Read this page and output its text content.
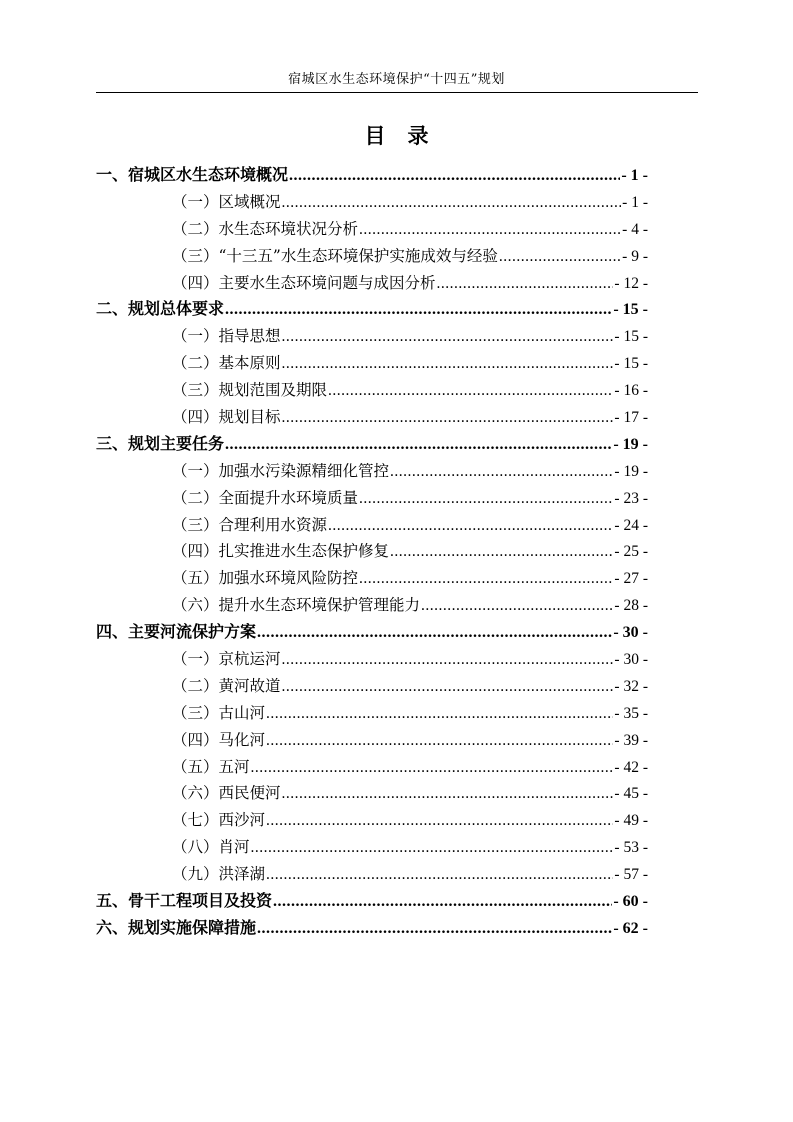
宿城区水生态环境保护“十四五”规划
目录
一、宿城区水生态环境概况 .....	- 1 -
（一）区域概况 .....	- 1 -
（二）水生态环境状况分析 .....	- 4 -
（三）“十三五”水生态环境保护实施成效与经验 .....	- 9 -
（四）主要水生态环境问题与成因分析 .....	- 12 -
二、规划总体要求 .....	- 15 -
（一）指导思想 .....	- 15 -
（二）基本原则 .....	- 15 -
（三）规划范围及期限 .....	- 16 -
（四）规划目标 .....	- 17 -
三、规划主要任务 .....	- 19 -
（一）加强水污染源精细化管控 .....	- 19 -
（二）全面提升水环境质量 .....	- 23 -
（三）合理利用水资源 .....	- 24 -
（四）扎实推进水生态保护修复 .....	- 25 -
（五）加强水环境风险防控 .....	- 27 -
（六）提升水生态环境保护管理能力 .....	- 28 -
四、主要河流保护方案 .....	- 30 -
（一）京杭运河 .....	- 30 -
（二）黄河故道 .....	- 32 -
（三）古山河 .....	- 35 -
（四）马化河 .....	- 39 -
（五）五河 .....	- 42 -
（六）西民便河 .....	- 45 -
（七）西沙河 .....	- 49 -
（八）肖河 .....	- 53 -
（九）洪泽湖 .....	- 57 -
五、骨干工程项目及投资 .....	- 60 -
六、规划实施保障措施 .....	- 62 -
